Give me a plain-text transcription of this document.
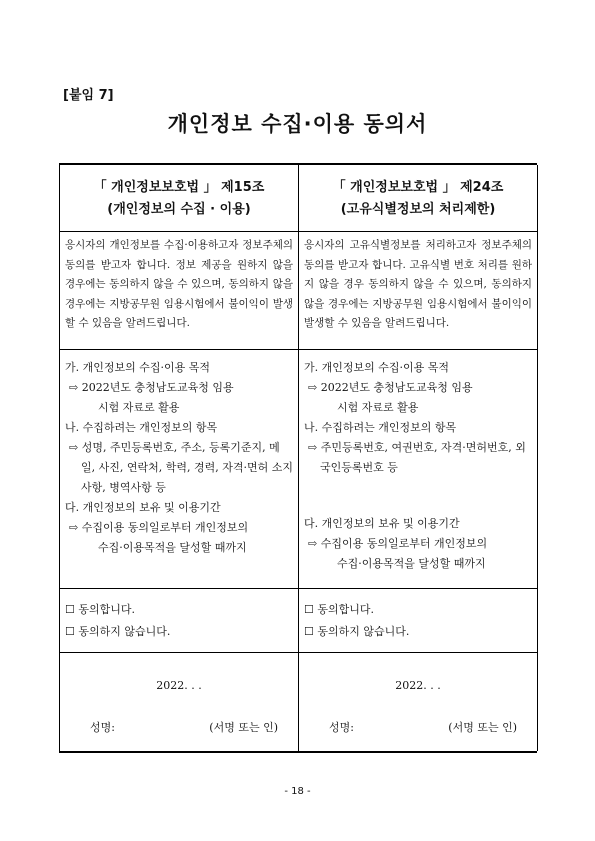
[붙임 7]
개인정보 수집·이용 동의서
「 개인정보보호법 」 제15조
(개인정보의 수집 · 이용)
응시자의 개인정보를 수집·이용하고자 정보주체의 동의를 받고자 합니다. 정보 제공을 원하지 않을 경우에는 동의하지 않을 수 있으며, 동의하지 않을 경우에는 지방공무원 임용시험에서 불이익이 발생할 수 있음을 알려드립니다.
가. 개인정보의 수집·이용 목적
⇨ 2022년도 충청남도교육청 임용
시험 자료로 활용
나. 수집하려는 개인정보의 항목
⇨ 성명, 주민등록번호, 주소, 등록기준지, 메일, 사진, 연락처, 학력, 경력, 자격·면허 소지사항, 병역사항 등
다. 개인정보의 보유 및 이용기간
⇨ 수집이용 동의일로부터 개인정보의
수집·이용목적을 달성할 때까지
☐ 동의합니다.
☐ 동의하지 않습니다.
2022. . .
성명:	(서명 또는 인)
「 개인정보보호법 」 제24조
(고유식별정보의 처리제한)
응시자의 고유식별정보를 처리하고자 정보주체의 동의를 받고자 합니다. 고유식별 번호 처리를 원하지 않을 경우 동의하지 않을 수 있으며, 동의하지 않을 경우에는 지방공무원 임용시험에서 불이익이 발생할 수 있음을 알려드립니다.
가. 개인정보의 수집·이용 목적
⇨ 2022년도 충청남도교육청 임용
시험 자료로 활용
나. 수집하려는 개인정보의 항목
⇨ 주민등록번호, 여권번호, 자격·면허번호, 외국인등록번호 등
다. 개인정보의 보유 및 이용기간
⇨ 수집이용 동의일로부터 개인정보의
수집·이용목적을 달성할 때까지
☐ 동의합니다.
☐ 동의하지 않습니다.
2022. . .
성명:	(서명 또는 인)
- 18 -
